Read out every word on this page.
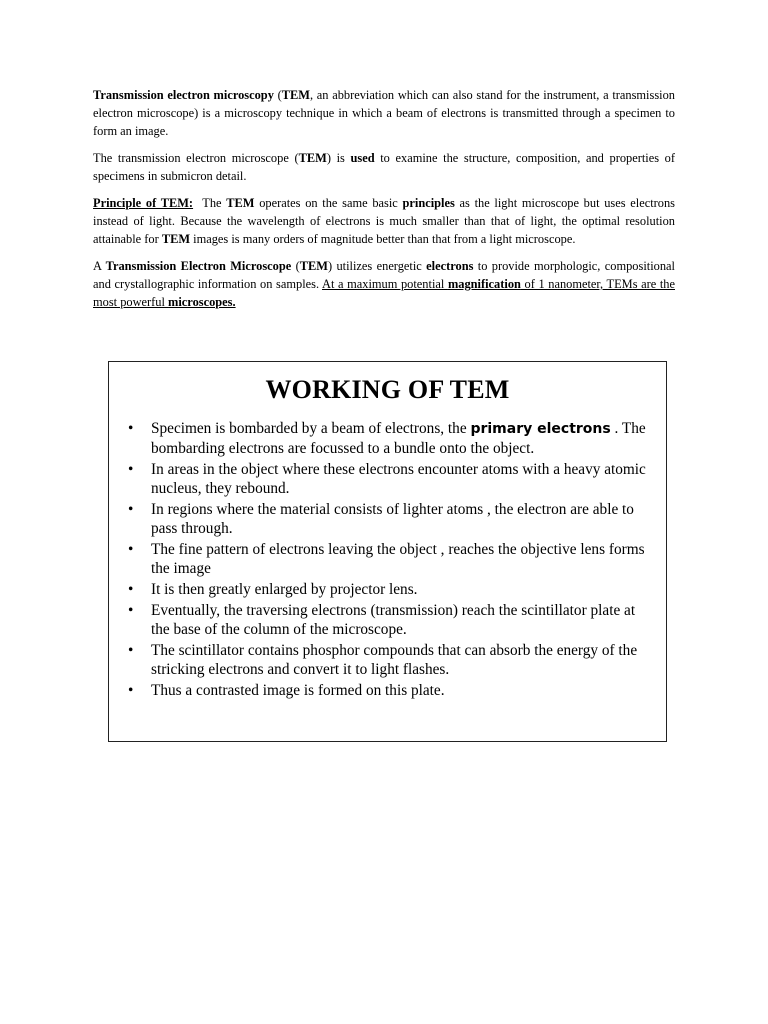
Transmission electron microscopy (TEM, an abbreviation which can also stand for the instrument, a transmission electron microscope) is a microscopy technique in which a beam of electrons is transmitted through a specimen to form an image.

The transmission electron microscope (TEM) is used to examine the structure, composition, and properties of specimens in submicron detail.

Principle of TEM:  The TEM operates on the same basic principles as the light microscope but uses electrons instead of light. Because the wavelength of electrons is much smaller than that of light, the optimal resolution attainable for TEM images is many orders of magnitude better than that from a light microscope.

A Transmission Electron Microscope (TEM) utilizes energetic electrons to provide morphologic, compositional and crystallographic information on samples. At a maximum potential magnification of 1 nanometer, TEMs are the most powerful microscopes.

WORKING OF TEM
• Specimen is bombarded by a beam of electrons, the primary electrons . The bombarding electrons are focussed to a bundle onto the object.
• In areas in the object where these electrons encounter atoms with a heavy atomic nucleus, they rebound.
• In regions where the material consists of lighter atoms , the electron are able to pass through.
• The fine pattern of electrons leaving the object , reaches the objective lens forms the image
• It is then greatly enlarged by projector lens.
• Eventually, the traversing electrons (transmission) reach the scintillator plate at the base of the column of the microscope.
• The scintillator contains phosphor compounds that can absorb the energy of the stricking electrons and convert it to light flashes.
• Thus a contrasted image is formed on this plate.
